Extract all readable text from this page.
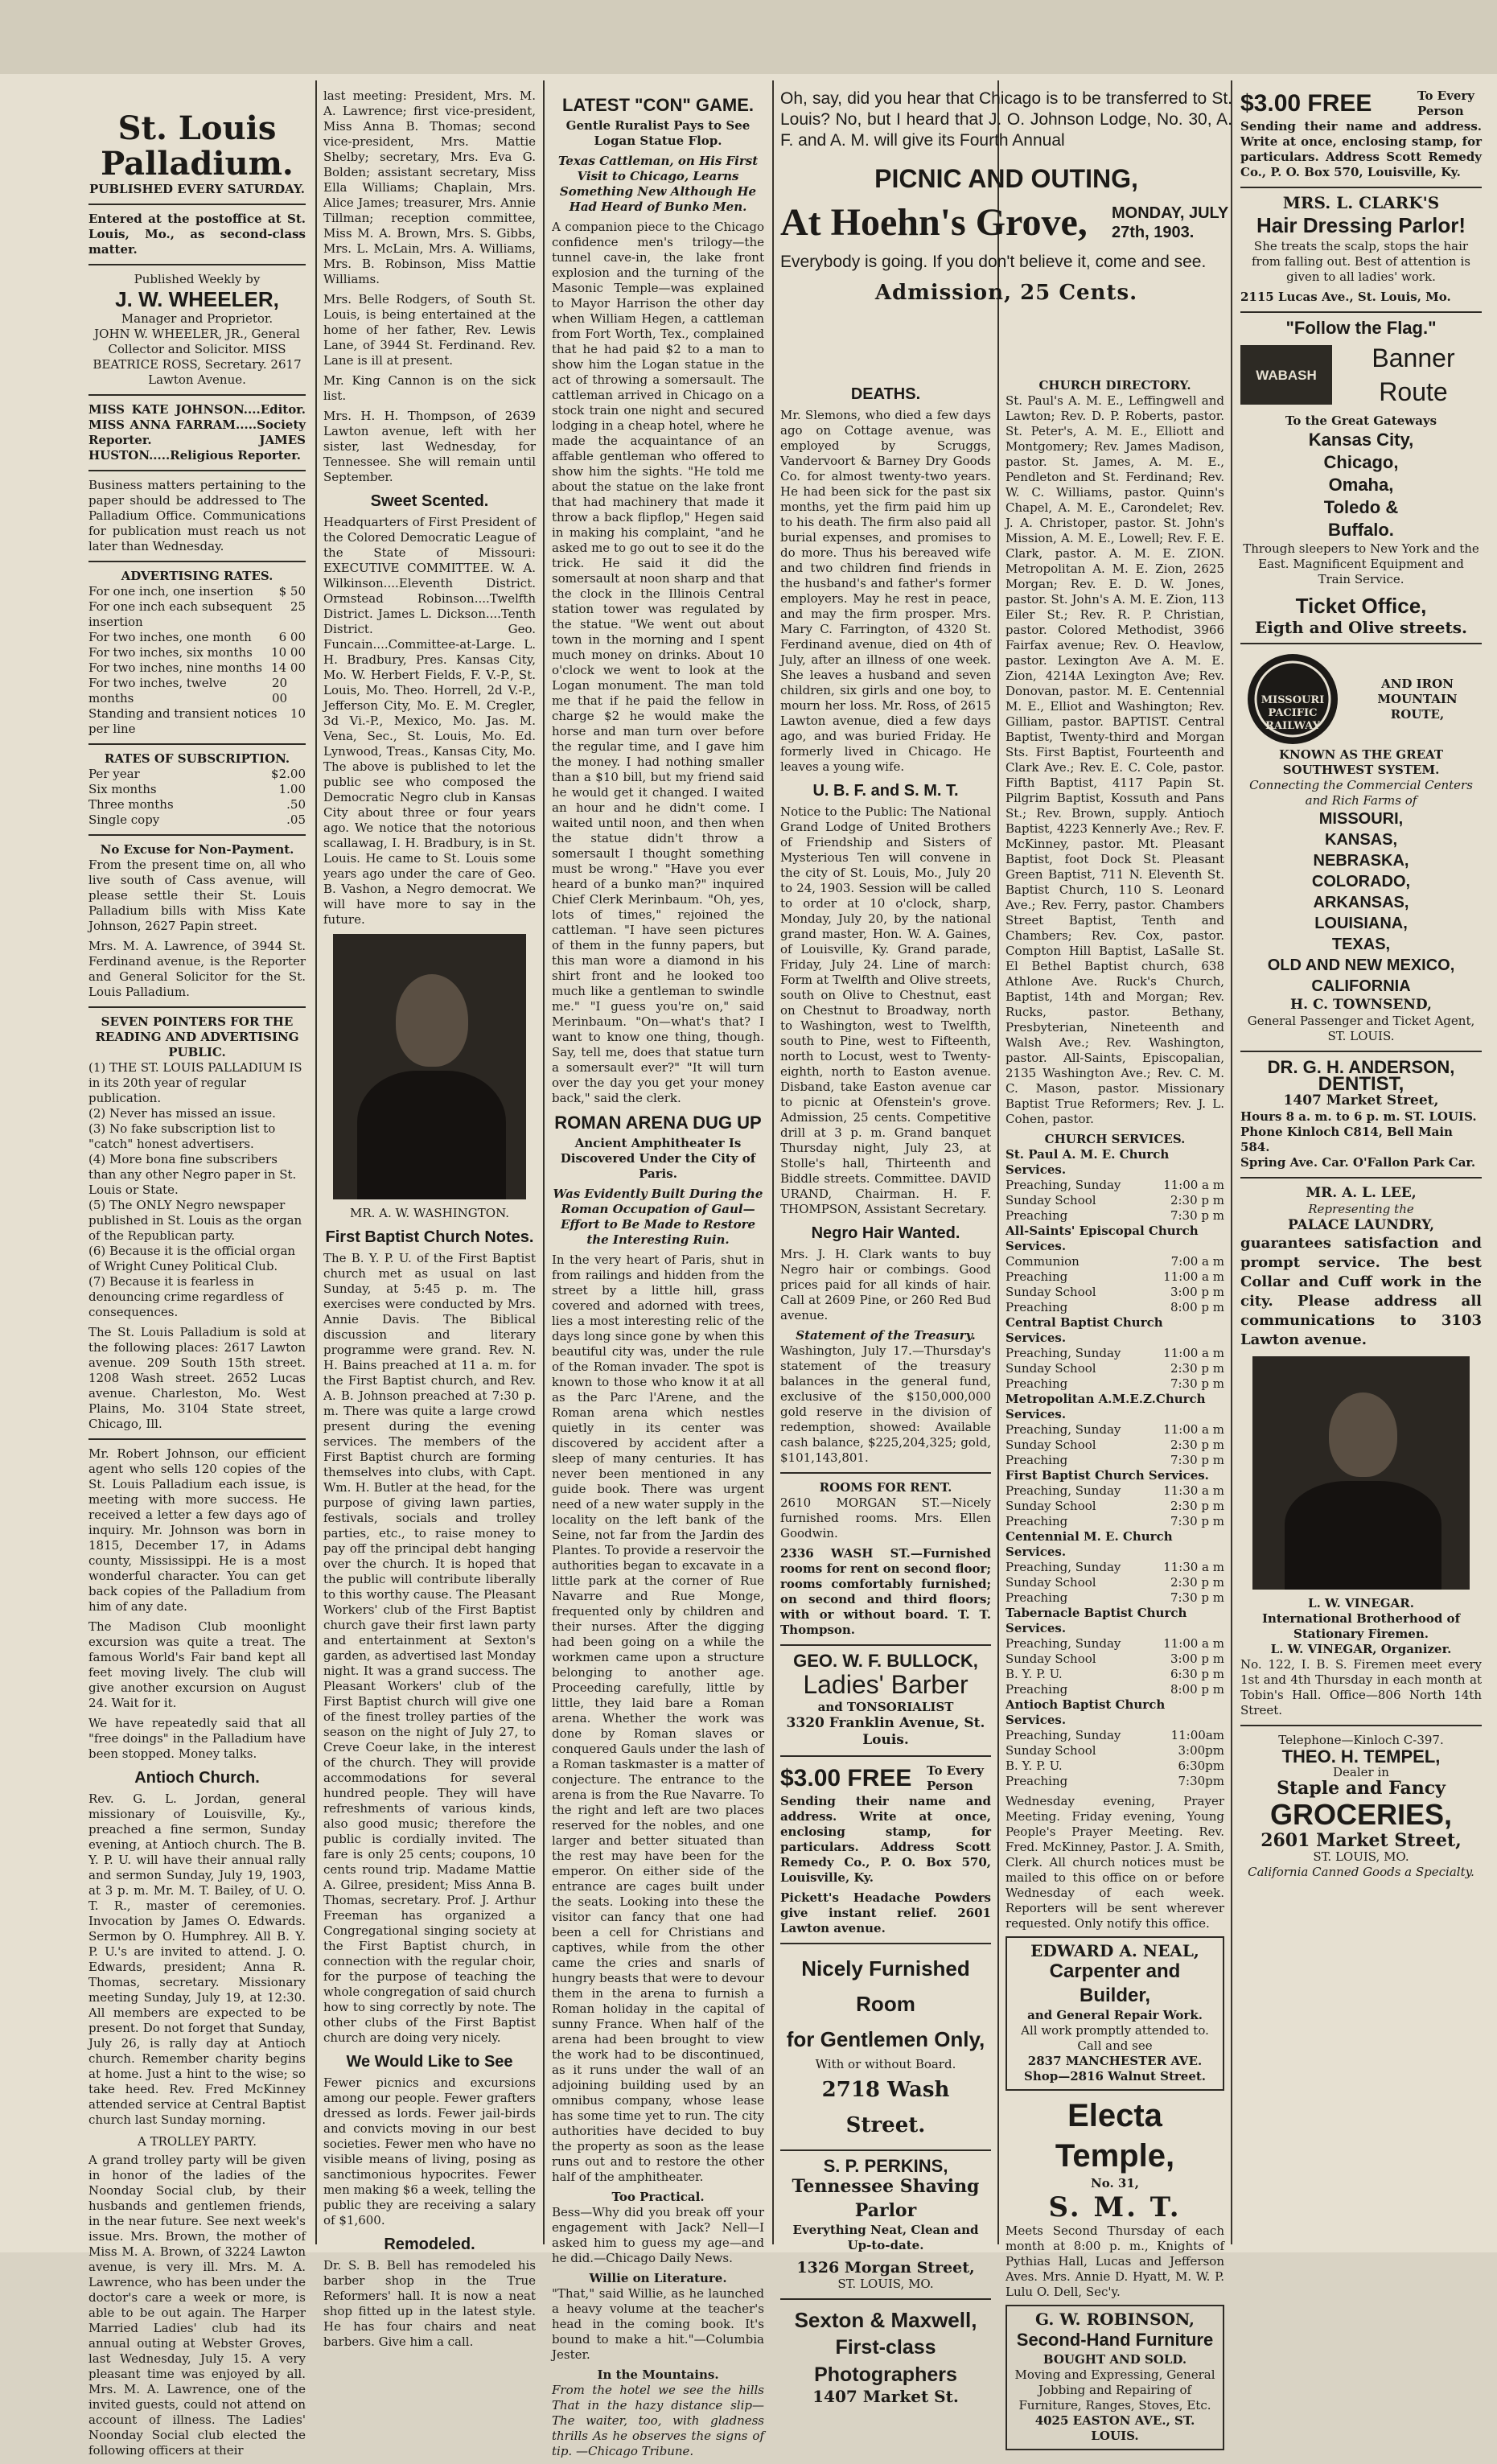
St. Louis Palladium.
PUBLISHED EVERY SATURDAY.

Entered at the postoffice at St. Louis, Mo., as second-class matter.

Published Weekly by
J. W. WHEELER,
Manager and Proprietor.

JOHN W. WHEELER, JR., General Collector and Solicitor. MISS BEATRICE ROSS, Secretary. 2617 Lawton Avenue.

MISS KATE JOHNSON....Editor. MISS ANNA FARRAM.....Society Reporter. JAMES HUSTON.....Religious Reporter.

Business matters pertaining to the paper should be addressed to The Palladium Office. Communications for publication must reach us not later than Wednesday.

ADVERTISING RATES.
For one inch, one insertion $ 50
For one inch each subsequent insertion
25
For two inches, one month 6 00
For two inches, six months 10 00
For two inches, nine months 14 00
For two inches, twelve months
20 00
Standing and transient notices per line
10
RATES OF SUBSCRIPTION.
Per year	$2.00
Six months	1.00
Three months	.50
Single copy	.05
No Excuse for Non-Payment.

From the present time on, all who live south of Cass avenue, will please settle their St. Louis Palladium bills with Miss Kate Johnson, 2627 Papin street.

Mrs. M. A. Lawrence, of 3944 St. Ferdinand avenue, is the Reporter and General Solicitor for the St. Louis Palladium.

SEVEN POINTERS FOR THE READING AND ADVERTISING PUBLIC.
(1) THE ST. LOUIS PALLADIUM IS in its 20th year of regular publication.
(2) Never has missed an issue.
(3) No fake subscription list to "catch" honest advertisers.
(4) More bona fine subscribers than any other Negro paper in St. Louis or State.
(5) The ONLY Negro newspaper published in St. Louis as the organ of the Republican party.
(6) Because it is the official organ of Wright Cuney Political Club.
(7) Because it is fearless in denouncing crime regardless of consequences.

The St. Louis Palladium is sold at the following places: 2617 Lawton avenue. 209 South 15th street. 1208 Wash street. 2652 Lucas avenue. Charleston, Mo. West Plains, Mo. 3104 State street, Chicago, Ill.

Mr. Robert Johnson, our efficient agent who sells 120 copies of the St. Louis Palladium each issue, is meeting with more success. He received a letter a few days ago of inquiry. Mr. Johnson was born in 1815, December 17, in Adams county, Mississippi. He is a most wonderful character. You can get back copies of the Palladium from him of any date.

The Madison Club moonlight excursion was quite a treat. The famous World's Fair band kept all feet moving lively. The club will give another excursion on August 24. Wait for it.

We have repeatedly said that all "free doings" in the Palladium have been stopped. Money talks.

Antioch Church.

Rev. G. L. Jordan, general missionary of Louisville, Ky., preached a fine sermon, Sunday evening, at Antioch church. The B. Y. P. U. will have their annual rally and sermon Sunday, July 19, 1903, at 3 p. m. Mr. M. T. Bailey, of U. O. T. R., master of ceremonies. Invocation by James O. Edwards. Sermon by O. Humphrey. All B. Y. P. U.'s are invited to attend. J. O. Edwards, president; Anna R. Thomas, secretary. Missionary meeting Sunday, July 19, at 12:30. All members are expected to be present. Do not forget that Sunday, July 26, is rally day at Antioch church. Remember charity begins at home. Just a hint to the wise; so take heed. Rev. Fred McKinney attended service at Central Baptist church last Sunday morning.

A TROLLEY PARTY.

A grand trolley party will be given in honor of the ladies of the Noonday Social club, by their husbands and gentlemen friends, in the near future. See next week's issue. Mrs. Brown, the mother of Miss M. A. Brown, of 3224 Lawton avenue, is very ill. Mrs. M. A. Lawrence, who has been under the doctor's care a week or more, is able to be out again. The Harper Married Ladies' club had its annual outing at Webster Groves, last Wednesday, July 15. A very pleasant time was enjoyed by all. Mrs. M. A. Lawrence, one of the invited guests, could not attend on account of illness. The Ladies' Noonday Social club elected the following officers at their

last meeting: President, Mrs. M. A. Lawrence; first vice-president, Miss Anna B. Thomas; second vice-president, Mrs. Mattie Shelby; secretary, Mrs. Eva G. Bolden; assistant secretary, Miss Ella Williams; Chaplain, Mrs. Alice James; treasurer, Mrs. Annie Tillman; reception committee, Miss M. A. Brown, Mrs. S. Gibbs, Mrs. L. McLain, Mrs. A. Williams, Mrs. B. Robinson, Miss Mattie Williams.

Mrs. Belle Rodgers, of South St. Louis, is being entertained at the home of her father, Rev. Lewis Lane, of 3944 St. Ferdinand. Rev. Lane is ill at present.

Mr. King Cannon is on the sick list.

Mrs. H. H. Thompson, of 2639 Lawton avenue, left with her sister, last Wednesday, for Tennessee. She will remain until September.

Sweet Scented.

Headquarters of First President of the Colored Democratic League of the State of Missouri: EXECUTIVE COMMITTEE. W. A. Wilkinson....Eleventh District. Ormstead Robinson....Twelfth District. James L. Dickson....Tenth District. Geo. Funcain....Committee-at-Large. L. H. Bradbury, Pres. Kansas City, Mo. W. Herbert Fields, F. V.-P., St. Louis, Mo. Theo. Horrell, 2d V.-P., Jefferson City, Mo. E. M. Cregler, 3d Vi.-P., Mexico, Mo. Jas. M. Vena, Sec., St. Louis, Mo. Ed. Lynwood, Treas., Kansas City, Mo. The above is published to let the public see who composed the Democratic Negro club in Kansas City about three or four years ago. We notice that the notorious scallawag, I. H. Bradbury, is in St. Louis. He came to St. Louis some years ago under the care of Geo. B. Vashon, a Negro democrat. We will have more to say in the future.

MR. A. W. WASHINGTON.
First Baptist Church Notes.

The B. Y. P. U. of the First Baptist church met as usual on last Sunday, at 5:45 p. m. The exercises were conducted by Mrs. Annie Davis. The Biblical discussion and literary programme were grand. Rev. N. H. Bains preached at 11 a. m. for the First Baptist church, and Rev. A. B. Johnson preached at 7:30 p. m. There was quite a large crowd present during the evening services. The members of the First Baptist church are forming themselves into clubs, with Capt. Wm. H. Butler at the head, for the purpose of giving lawn parties, festivals, socials and trolley parties, etc., to raise money to pay off the principal debt hanging over the church. It is hoped that the public will contribute liberally to this worthy cause. The Pleasant Workers' club of the First Baptist church gave their first lawn party and entertainment at Sexton's garden, as advertised last Monday night. It was a grand success. The Pleasant Workers' club of the First Baptist church will give one of the finest trolley parties of the season on the night of July 27, to Creve Coeur lake, in the interest of the church. They will provide accommodations for several hundred people. They will have refreshments of various kinds, also good music; therefore the public is cordially invited. The fare is only 25 cents; coupons, 10 cents round trip. Madame Mattie A. Gilree, president; Miss Anna B. Thomas, secretary. Prof. J. Arthur Freeman has organized a Congregational singing society at the First Baptist church, in connection with the regular choir, for the purpose of teaching the whole congregation of said church how to sing correctly by note. The other clubs of the First Baptist church are doing very nicely.

We Would Like to See

Fewer picnics and excursions among our people. Fewer grafters dressed as lords. Fewer jail-birds and convicts moving in our best societies. Fewer men who have no visible means of living, posing as sanctimonious hypocrites. Fewer men making $6 a week, telling the public they are receiving a salary of $1,600.

Remodeled.

Dr. S. B. Bell has remodeled his barber shop in the True Reformers' hall. It is now a neat shop fitted up in the latest style. He has four chairs and neat barbers. Give him a call.

LATEST "CON" GAME.
Gentle Ruralist Pays to See Logan Statue Flop.
Texas Cattleman, on His First Visit to Chicago, Learns Something New Although He Had Heard of Bunko Men.

A companion piece to the Chicago confidence men's trilogy—the tunnel cave-in, the lake front explosion and the turning of the Masonic Temple—was explained to Mayor Harrison the other day when William Hegen, a cattleman from Fort Worth, Tex., complained that he had paid $2 to a man to show him the Logan statue in the act of throwing a somersault. The cattleman arrived in Chicago on a stock train one night and secured lodging in a cheap hotel, where he made the acquaintance of an affable gentleman who offered to show him the sights. "He told me about the statue on the lake front that had machinery that made it throw a back flipflop," Hegen said in making his complaint, "and he asked me to go out to see it do the trick. He said it did the somersault at noon sharp and that the clock in the Illinois Central station tower was regulated by the statue. "We went out about town in the morning and I spent much money on drinks. About 10 o'clock we went to look at the Logan monument. The man told me that if he paid the fellow in charge $2 he would make the horse and man turn over before the regular time, and I gave him the money. I had nothing smaller than a $10 bill, but my friend said he would get it changed. I waited an hour and he didn't come. I waited until noon, and then when the statue didn't throw a somersault I thought something must be wrong." "Have you ever heard of a bunko man?" inquired Chief Clerk Merinbaum. "Oh, yes, lots of times," rejoined the cattleman. "I have seen pictures of them in the funny papers, but this man wore a diamond in his shirt front and he looked too much like a gentleman to swindle me." "I guess you're on," said Merinbaum. "On—what's that? I want to know one thing, though. Say, tell me, does that statue turn a somersault ever?" "It will turn over the day you get your money back," said the clerk.

ROMAN ARENA DUG UP
Ancient Amphitheater Is Discovered Under the City of Paris.
Was Evidently Built During the Roman Occupation of Gaul—Effort to Be Made to Restore the Interesting Ruin.

In the very heart of Paris, shut in from railings and hidden from the street by a little hill, grass covered and adorned with trees, lies a most interesting relic of the days long since gone by when this beautiful city was, under the rule of the Roman invader. The spot is known to those who know it at all as the Parc l'Arene, and the Roman arena which nestles quietly in its center was discovered by accident after a sleep of many centuries. It has never been mentioned in any guide book. There was urgent need of a new water supply in the locality on the left bank of the Seine, not far from the Jardin des Plantes. To provide a reservoir the authorities began to excavate in a little park at the corner of Rue Navarre and Rue Monge, frequented only by children and their nurses. After the digging had been going on a while the workmen came upon a structure belonging to another age. Proceeding carefully, little by little, they laid bare a Roman arena. Whether the work was done by Roman slaves or conquered Gauls under the lash of a Roman taskmaster is a matter of conjecture. The entrance to the arena is from the Rue Navarre. To the right and left are two places reserved for the nobles, and one larger and better situated than the rest may have been for the emperor. On either side of the entrance are cages built under the seats. Looking into these the visitor can fancy that one had been a cell for Christians and captives, while from the other came the cries and snarls of hungry beasts that were to devour them in the arena to furnish a Roman holiday in the capital of sunny France. When half of the arena had been brought to view the work had to be discontinued, as it runs under the wall of an adjoining building used by an omnibus company, whose lease has some time yet to run. The city authorities have decided to buy the property as soon as the lease runs out and to restore the other half of the amphitheater.

Too Practical.

Bess—Why did you break off your engagement with Jack? Nell—I asked him to guess my age—and he did.—Chicago Daily News.

Willie on Literature.

"That," said Willie, as he launched a heavy volume at the teacher's head in the coming book. It's bound to make a hit."—Columbia Jester.

In the Mountains.

From the hotel we see the hills That in the hazy distance slip— The waiter, too, with gladness thrills As he observes the signs of tip. —Chicago Tribune.

Oh, say, did you hear that Chicago is to be transferred to St. Louis? No, but I heard that J. O. Johnson Lodge, No. 30, A. F. and A. M. will give its Fourth Annual

PICNIC AND OUTING,
At Hoehn's Grove, MONDAY, JULY 27th, 1903.
Everybody is going. If you don't believe it, come and see.
Admission, 25 Cents.
DEATHS.

Mr. Slemons, who died a few days ago on Cottage avenue, was employed by Scruggs, Vandervoort & Barney Dry Goods Co. for almost twenty-two years. He had been sick for the past six months, yet the firm paid him up to his death. The firm also paid all burial expenses, and promises to do more. Thus his bereaved wife and two children find friends in the husband's and father's former employers. May he rest in peace, and may the firm prosper. Mrs. Mary C. Farrington, of 4320 St. Ferdinand avenue, died on 4th of July, after an illness of one week. She leaves a husband and seven children, six girls and one boy, to mourn her loss. Mr. Ross, of 2615 Lawton avenue, died a few days ago, and was buried Friday. He formerly lived in Chicago. He leaves a young wife.

U. B. F. and S. M. T.

Notice to the Public: The National Grand Lodge of United Brothers of Friendship and Sisters of Mysterious Ten will convene in the city of St. Louis, Mo., July 20 to 24, 1903. Session will be called to order at 10 o'clock, sharp, Monday, July 20, by the national grand master, Hon. W. A. Gaines, of Louisville, Ky. Grand parade, Friday, July 24. Line of march: Form at Twelfth and Olive streets, south on Olive to Chestnut, east on Chestnut to Broadway, north to Washington, west to Twelfth, south to Pine, west to Fifteenth, north to Locust, west to Twenty-eighth, north to Easton avenue. Disband, take Easton avenue car to picnic at Ofenstein's grove. Admission, 25 cents. Competitive drill at 3 p. m. Grand banquet Thursday night, July 23, at Stolle's hall, Thirteenth and Biddle streets. Committee. DAVID URAND, Chairman. H. F. THOMPSON, Assistant Secretary.

Negro Hair Wanted.

Mrs. J. H. Clark wants to buy Negro hair or combings. Good prices paid for all kinds of hair. Call at 2609 Pine, or 260 Red Bud avenue.

Statement of the Treasury.

Washington, July 17.—Thursday's statement of the treasury balances in the general fund, exclusive of the $150,000,000 gold reserve in the division of redemption, showed: Available cash balance, $225,204,325; gold, $101,143,801.

ROOMS FOR RENT.

2610 MORGAN ST.—Nicely furnished rooms. Mrs. Ellen Goodwin.

2336 WASH ST.—Furnished rooms for rent on second floor; rooms comfortably furnished; on second and third floors; with or without board. T. T. Thompson.

GEO. W. F. BULLOCK,
Ladies' Barber
and TONSORIALIST
3320 Franklin Avenue, St. Louis.
$3.00 FREE To Every Person

Sending their name and address. Write at once, enclosing stamp, for particulars. Address Scott Remedy Co., P. O. Box 570, Louisville, Ky.

Pickett's Headache Powders give instant relief. 2601 Lawton avenue.

Nicely Furnished Room
for Gentlemen Only,
With or without Board.
2718 Wash Street.
S. P. PERKINS,
Tennessee Shaving Parlor
Everything Neat, Clean and Up-to-date.
1326 Morgan Street,
ST. LOUIS, MO.
Sexton & Maxwell,
First-class Photographers
1407 Market St.
CHURCH DIRECTORY.

St. Paul's A. M. E., Leffingwell and Lawton; Rev. D. P. Roberts, pastor. St. Peter's, A. M. E., Elliott and Montgomery; Rev. James Madison, pastor. St. James, A. M. E., Pendleton and St. Ferdinand; Rev. W. C. Williams, pastor. Quinn's Chapel, A. M. E., Carondelet; Rev. J. A. Christoper, pastor. St. John's Mission, A. M. E., Lowell; Rev. F. E. Clark, pastor. A. M. E. ZION. Metropolitan A. M. E. Zion, 2625 Morgan; Rev. E. D. W. Jones, pastor. St. John's A. M. E. Zion, 113 Eiler St.; Rev. R. P. Christian, pastor. Colored Methodist, 3966 Fairfax avenue; Rev. O. Heavlow, pastor. Lexington Ave A. M. E. Zion, 4214A Lexington Ave; Rev. Donovan, pastor. M. E. Centennial M. E., Elliot and Washington; Rev. Gilliam, pastor. BAPTIST. Central Baptist, Twenty-third and Morgan Sts. First Baptist, Fourteenth and Clark Ave.; Rev. E. C. Cole, pastor. Fifth Baptist, 4117 Papin St. Pilgrim Baptist, Kossuth and Pans St.; Rev. Brown, supply. Antioch Baptist, 4223 Kennerly Ave.; Rev. F. McKinney, pastor. Mt. Pleasant Baptist, foot Dock St. Pleasant Green Baptist, 711 N. Eleventh St. Baptist Church, 110 S. Leonard Ave.; Rev. Ferry, pastor. Chambers Street Baptist, Tenth and Chambers; Rev. Cox, pastor. Compton Hill Baptist, LaSalle St. El Bethel Baptist church, 638 Athlone Ave. Ruck's Church, Baptist, 14th and Morgan; Rev. Rucks, pastor. Bethany, Presbyterian, Nineteenth and Walsh Ave.; Rev. Washington, pastor. All-Saints, Episcopalian, 2135 Washington Ave.; Rev. C. M. C. Mason, pastor. Missionary Baptist True Reformers; Rev. J. L. Cohen, pastor.

CHURCH SERVICES.
St. Paul A. M. E. Church Services.
Preaching, Sunday	11:00 a m
Sunday School	2:30 p m
Preaching	7:30 p m
All-Saints' Episcopal Church Services.
Communion	7:00 a m
Preaching	11:00 a m
Sunday School	3:00 p m
Preaching	8:00 p m
Central Baptist Church Services.
Preaching, Sunday	11:00 a m
Sunday School	2:30 p m
Preaching	7:30 p m
Metropolitan A.M.E.Z.Church Services.
Preaching, Sunday	11:00 a m
Sunday School	2:30 p m
Preaching	7:30 p m
First Baptist Church Services.
Preaching, Sunday	11:30 a m
Sunday School	2:30 p m
Preaching	7:30 p m
Centennial M. E. Church Services.
Preaching, Sunday	11:30 a m
Sunday School	2:30 p m
Preaching	7:30 p m
Tabernacle Baptist Church Services.
Preaching, Sunday	11:00 a m
Sunday School	3:00 p m
B. Y. P. U.	6:30 p m
Preaching	8:00 p m
Antioch Baptist Church Services.
Preaching, Sunday	11:00am
Sunday School	3:00pm
B. Y. P. U.	6:30pm
Preaching	7:30pm

Wednesday evening, Prayer Meeting. Friday evening, Young People's Prayer Meeting. Rev. Fred. McKinney, Pastor. J. A. Smith, Clerk. All church notices must be mailed to this office on or before Wednesday of each week. Reporters will be sent wherever requested. Only notify this office.

EDWARD A. NEAL,
Carpenter and Builder,
and General Repair Work.
All work promptly attended to. Call and see
2837 MANCHESTER AVE. Shop—2816 Walnut Street.
Electa Temple,
No. 31,
S. M. T.

Meets Second Thursday of each month at 8:00 p. m., Knights of Pythias Hall, Lucas and Jefferson Aves. Mrs. Annie D. Hyatt, M. W. P. Lulu O. Dell, Sec'y.

G. W. ROBINSON,
Second-Hand Furniture
BOUGHT AND SOLD.
Moving and Expressing, General Jobbing and Repairing of Furniture, Ranges, Stoves, Etc.
4025 EASTON AVE., ST. LOUIS.
$3.00 FREE	To Every Person

Sending their name and address. Write at once, enclosing stamp, for particulars. Address Scott Remedy Co., P. O. Box 570, Louisville, Ky.

MRS. L. CLARK'S
Hair Dressing Parlor!

She treats the scalp, stops the hair from falling out. Best of attention is given to all ladies' work.

2115 Lucas Ave., St. Louis, Mo.
"Follow the Flag."
WABASH
Banner Route
To the Great Gateways
Kansas City,
Chicago,
Omaha,
Toledo &
Buffalo.

Through sleepers to New York and the East. Magnificent Equipment and Train Service.

Ticket Office,
Eigth and Olive streets.
AND IRON MOUNTAIN ROUTE,
MISSOURI PACIFIC RAILWAY
KNOWN AS THE GREAT SOUTHWEST SYSTEM.
Connecting the Commercial Centers and Rich Farms of
MISSOURI,
KANSAS,
NEBRASKA,
COLORADO,
ARKANSAS,
LOUISIANA,
TEXAS,
OLD AND NEW MEXICO,
CALIFORNIA
H. C. TOWNSEND,
General Passenger and Ticket Agent, ST. LOUIS.
DR. G. H. ANDERSON,
DENTIST,
1407 Market Street,
Hours 8 a. m. to 6 p. m. ST. LOUIS. Phone Kinloch C814, Bell Main 584.
Spring Ave. Car. O'Fallon Park Car.
MR. A. L. LEE,
Representing the
PALACE LAUNDRY,

guarantees satisfaction and prompt service. The best Collar and Cuff work in the city. Please address all communications to 3103 Lawton avenue.

L. W. VINEGAR.
International Brotherhood of Stationary Firemen.
L. W. VINEGAR, Organizer.

No. 122, I. B. S. Firemen meet every 1st and 4th Thursday in each month at Tobin's Hall. Office—806 North 14th Street.

Telephone—Kinloch C-397.
THEO. H. TEMPEL,
Dealer in
Staple and Fancy
GROCERIES,
2601 Market Street,
ST. LOUIS, MO.
California Canned Goods a Specialty.
